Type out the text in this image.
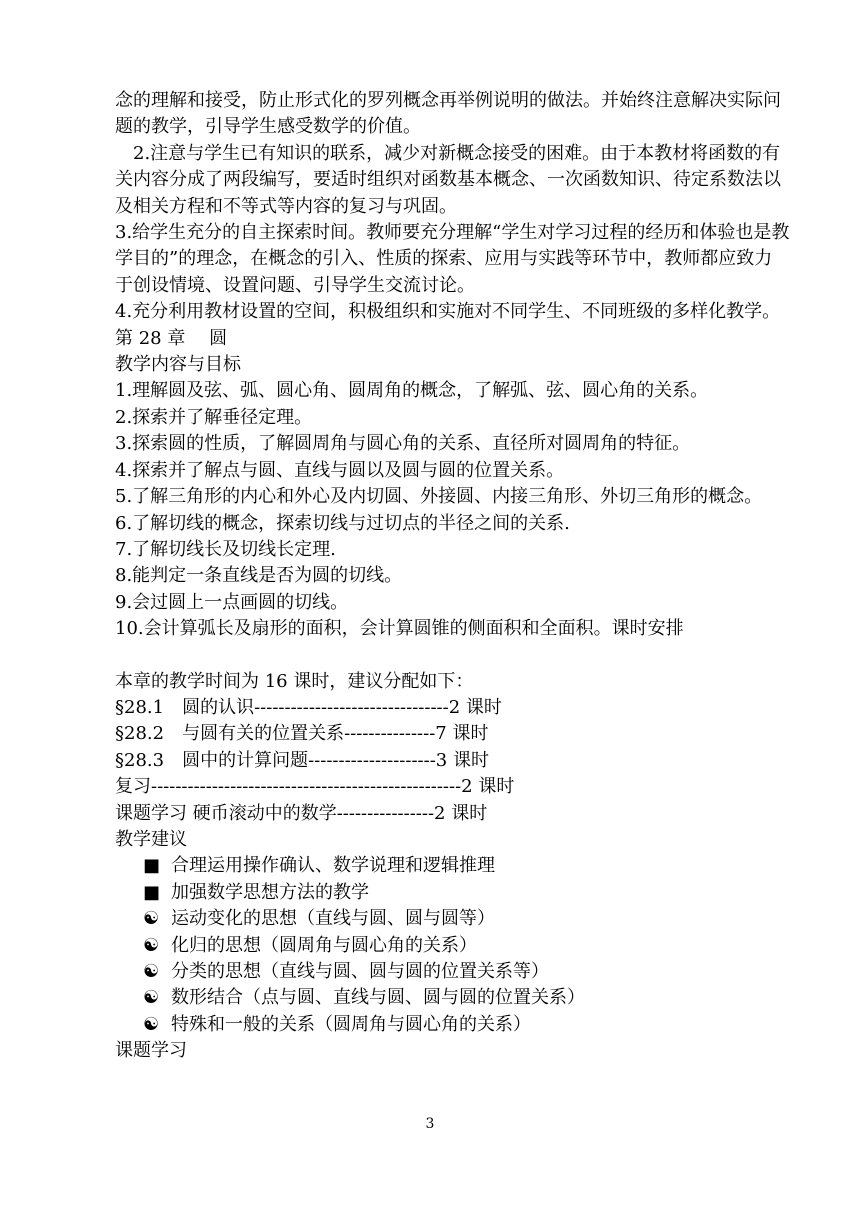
念的理解和接受，防止形式化的罗列概念再举例说明的做法。并始终注意解决实际问题的教学，引导学生感受数学的价值。

2.注意与学生已有知识的联系，减少对新概念接受的困难。由于本教材将函数的有关内容分成了两段编写，要适时组织对函数基本概念、一次函数知识、待定系数法以及相关方程和不等式等内容的复习与巩固。

3.给学生充分的自主探索时间。教师要充分理解“学生对学习过程的经历和体验也是教学目的”的理念，在概念的引入、性质的探索、应用与实践等环节中，教师都应致力于创设情境、设置问题、引导学生交流讨论。

4.充分利用教材设置的空间，积极组织和实施对不同学生、不同班级的多样化教学。

第 28 章　 圆

教学内容与目标

1.理解圆及弦、弧、圆心角、圆周角的概念，了解弧、弦、圆心角的关系。

2.探索并了解垂径定理。

3.探索圆的性质，了解圆周角与圆心角的关系、直径所对圆周角的特征。

4.探索并了解点与圆、直线与圆以及圆与圆的位置关系。

5.了解三角形的内心和外心及内切圆、外接圆、内接三角形、外切三角形的概念。

6.了解切线的概念，探索切线与过切点的半径之间的关系.

7.了解切线长及切线长定理.

8.能判定一条直线是否为圆的切线。

9.会过圆上一点画圆的切线。

10.会计算弧长及扇形的面积，会计算圆锥的侧面积和全面积。课时安排

本章的教学时间为 16 课时，建议分配如下：

§28.1　圆的认识--------------------------------2 课时

§28.2　与圆有关的位置关系---------------7 课时

§28.3　圆中的计算问题---------------------3 课时

复习---------------------------------------------------2 课时

课题学习 硬币滚动中的数学----------------2 课时

教学建议

■ 合理运用操作确认、数学说理和逻辑推理

■ 加强数学思想方法的教学

☯ 运动变化的思想（直线与圆、圆与圆等）

☯ 化归的思想（圆周角与圆心角的关系）

☯ 分类的思想（直线与圆、圆与圆的位置关系等）

☯ 数形结合（点与圆、直线与圆、圆与圆的位置关系）

☯ 特殊和一般的关系（圆周角与圆心角的关系）

课题学习

3
